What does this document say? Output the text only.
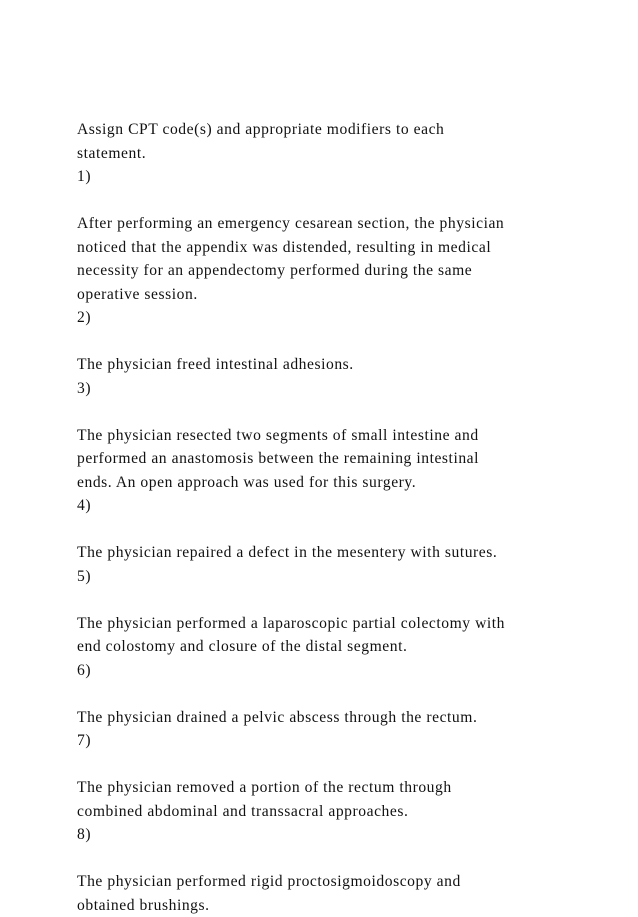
Assign CPT code(s) and appropriate modifiers to each
statement.
1)
After performing an emergency cesarean section, the physician
noticed that the appendix was distended, resulting in medical
necessity for an appendectomy performed during the same
operative session.
2)
The physician freed intestinal adhesions.
3)
The physician resected two segments of small intestine and
performed an anastomosis between the remaining intestinal
ends. An open approach was used for this surgery.
4)
The physician repaired a defect in the mesentery with sutures.
5)
The physician performed a laparoscopic partial colectomy with
end colostomy and closure of the distal segment.
6)
The physician drained a pelvic abscess through the rectum.
7)
The physician removed a portion of the rectum through
combined abdominal and transsacral approaches.
8)
The physician performed rigid proctosigmoidoscopy and
obtained brushings.
